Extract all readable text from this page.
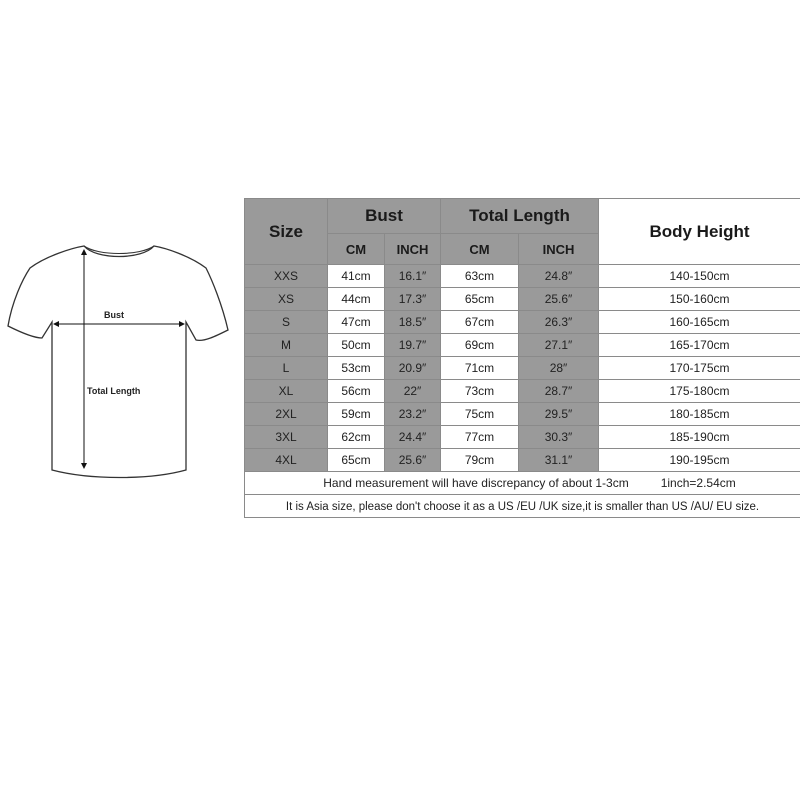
Bust
Total Length
Size	Bust		Total Length		Body Height
	CM	INCH	CM	INCH	
XXS	41cm	16.1″	63cm	24.8″	140-150cm
XS	44cm	17.3″	65cm	25.6″	150-160cm
S	47cm	18.5″	67cm	26.3″	160-165cm
M	50cm	19.7″	69cm	27.1″	165-170cm
L	53cm	20.9″	71cm	28″	170-175cm
XL	56cm	22″	73cm	28.7″	175-180cm
2XL	59cm	23.2″	75cm	29.5″	180-185cm
3XL	62cm	24.4″	77cm	30.3″	185-190cm
4XL	65cm	25.6″	79cm	31.1″	190-195cm
Hand measurement will have discrepancy of about 1-3cm 1inch=2.54cm					
It is Asia size, please don't choose it as a US /EU /UK size,it is smaller than US /AU/ EU size.					
